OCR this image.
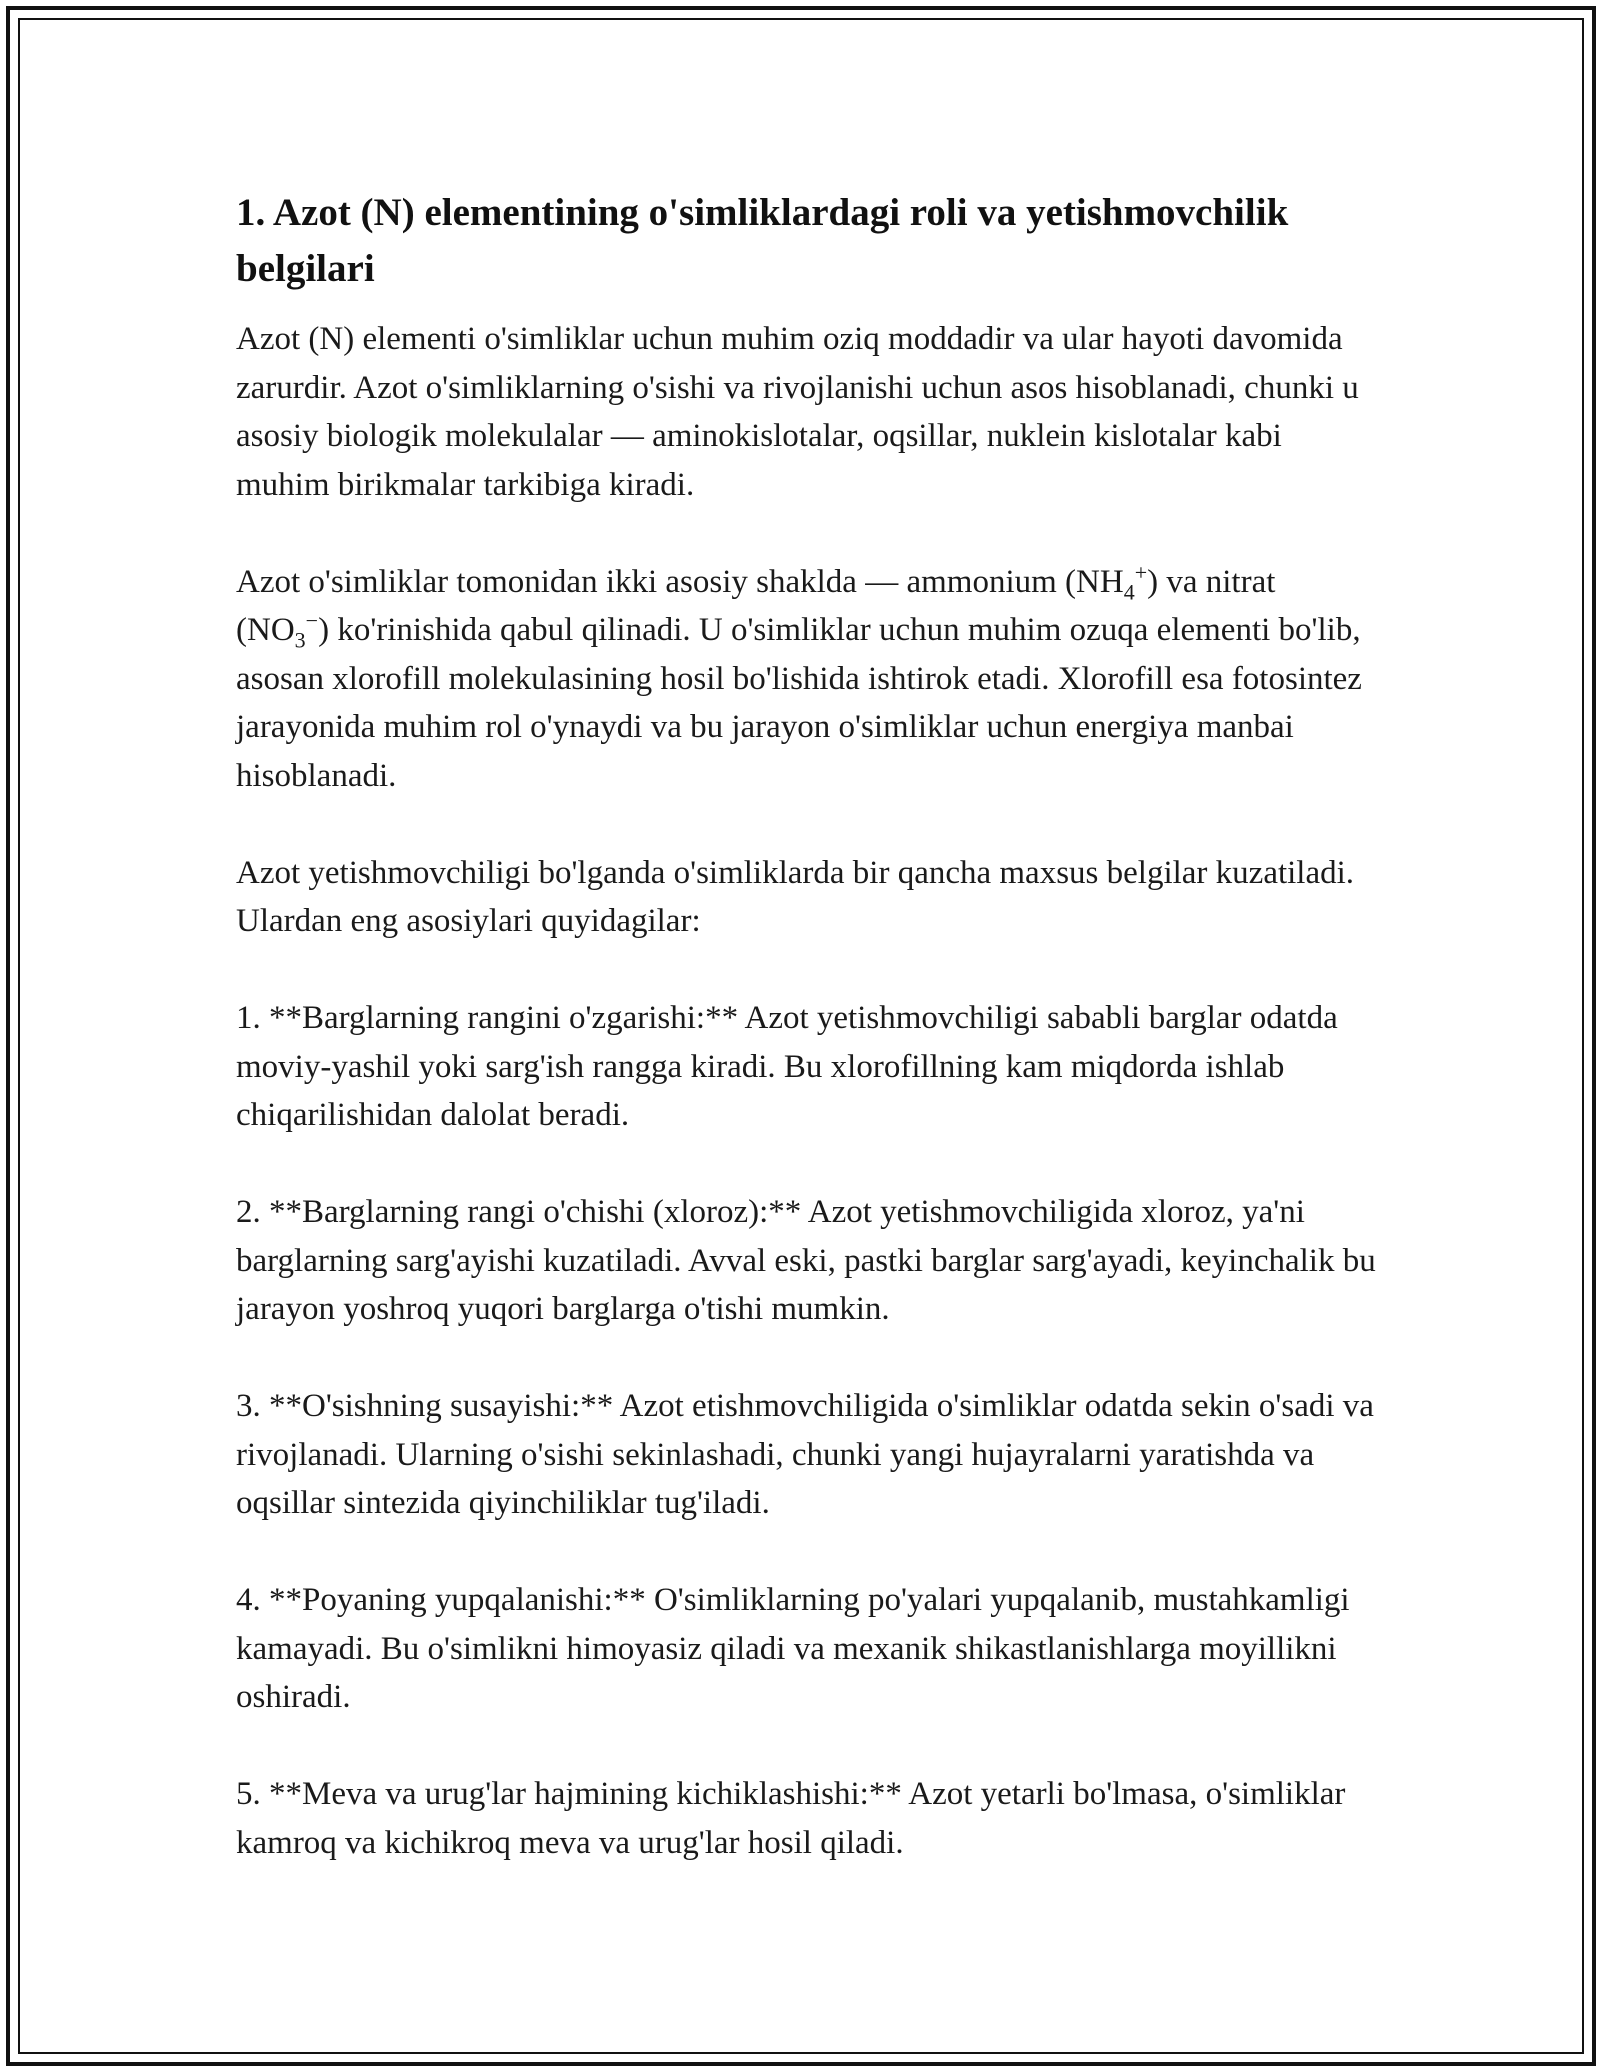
1. Azot (N) elementining o'simliklardagi roli va yetishmovchilik belgilari

Azot (N) elementi o'simliklar uchun muhim oziq moddadir va ular hayoti davomida zarurdir. Azot o'simliklarning o'sishi va rivojlanishi uchun asos hisoblanadi, chunki u asosiy biologik molekulalar — aminokislotalar, oqsillar, nuklein kislotalar kabi muhim birikmalar tarkibiga kiradi.

Azot o'simliklar tomonidan ikki asosiy shaklda — ammonium $(NH_4^+)$ va nitrat $(NO_3^-)$ ko'rinishida qabul qilinadi. U o'simliklar uchun muhim ozuqa elementi bo'lib, asosan xlorofill molekulasining hosil bo'lishida ishtirok etadi. Xlorofill esa fotosintez jarayonida muhim rol o'ynaydi va bu jarayon o'simliklar uchun energiya manbai hisoblanadi.

Azot yetishmovchiligi bo'lganda o'simliklarda bir qancha maxsus belgilar kuzatiladi. Ulardan eng asosiylari quyidagilar:

1. **Barglarning rangini o'zgarishi:** Azot yetishmovchiligi sababli barglar odatda moviy-yashil yoki sarg'ish rangga kiradi. Bu xlorofillning kam miqdorda ishlab chiqarilishidan dalolat beradi.

2. **Barglarning rangi o'chishi (xloroz):** Azot yetishmovchiligida xloroz, ya'ni barglarning sarg'ayishi kuzatiladi. Avval eski, pastki barglar sarg'ayadi, keyinchalik bu jarayon yoshroq yuqori barglarga o'tishi mumkin.

3. **O'sishning susayishi:** Azot etishmovchiligida o'simliklar odatda sekin o'sadi va rivojlanadi. Ularning o'sishi sekinlashadi, chunki yangi hujayralarni yaratishda va oqsillar sintezida qiyinchiliklar tug'iladi.

4. **Poyaning yupqalanishi:** O'simliklarning po'yalari yupqalanib, mustahkamligi kamayadi. Bu o'simlikni himoyasiz qiladi va mexanik shikastlanishlarga moyillikni oshiradi.

5. **Meva va urug'lar hajmining kichiklashishi:** Azot yetarli bo'lmasa, o'simliklar kamroq va kichikroq meva va urug'lar hosil qiladi.
